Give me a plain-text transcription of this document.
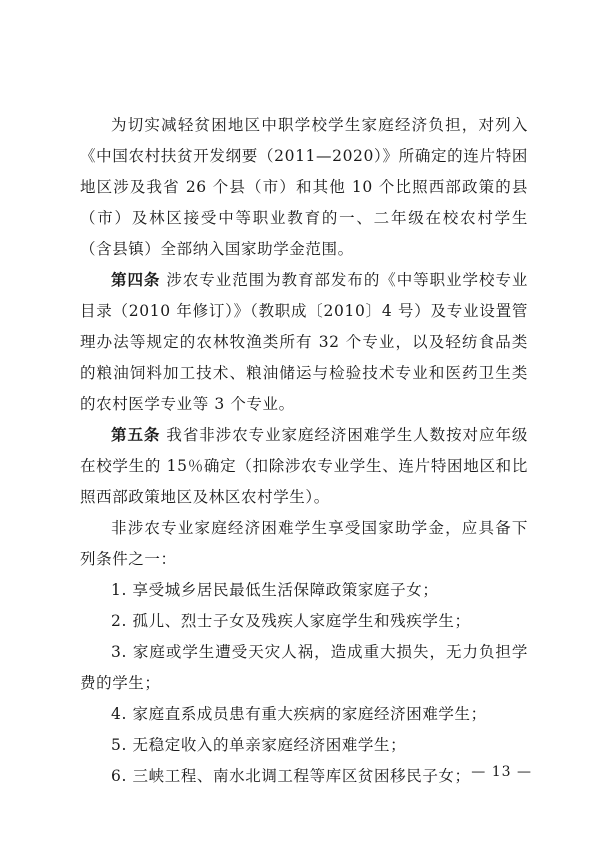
为切实减轻贫困地区中职学校学生家庭经济负担，对列入《中国农村扶贫开发纲要（2011—2020）》所确定的连片特困地区涉及我省 26 个县（市）和其他 10 个比照西部政策的县（市）及林区接受中等职业教育的一、二年级在校农村学生（含县镇）全部纳入国家助学金范围。

第四条 涉农专业范围为教育部发布的《中等职业学校专业目录（2010 年修订）》（教职成〔2010〕4 号）及专业设置管理办法等规定的农林牧渔类所有 32 个专业，以及轻纺食品类的粮油饲料加工技术、粮油储运与检验技术专业和医药卫生类的农村医学专业等 3 个专业。

第五条 我省非涉农专业家庭经济困难学生人数按对应年级在校学生的 15％确定（扣除涉农专业学生、连片特困地区和比照西部政策地区及林区农村学生）。

非涉农专业家庭经济困难学生享受国家助学金，应具备下列条件之一：

1. 享受城乡居民最低生活保障政策家庭子女；

2. 孤儿、烈士子女及残疾人家庭学生和残疾学生；

3. 家庭或学生遭受天灾人祸，造成重大损失，无力负担学费的学生；

4. 家庭直系成员患有重大疾病的家庭经济困难学生；

5. 无稳定收入的单亲家庭经济困难学生；

6. 三峡工程、南水北调工程等库区贫困移民子女； — 13 —
